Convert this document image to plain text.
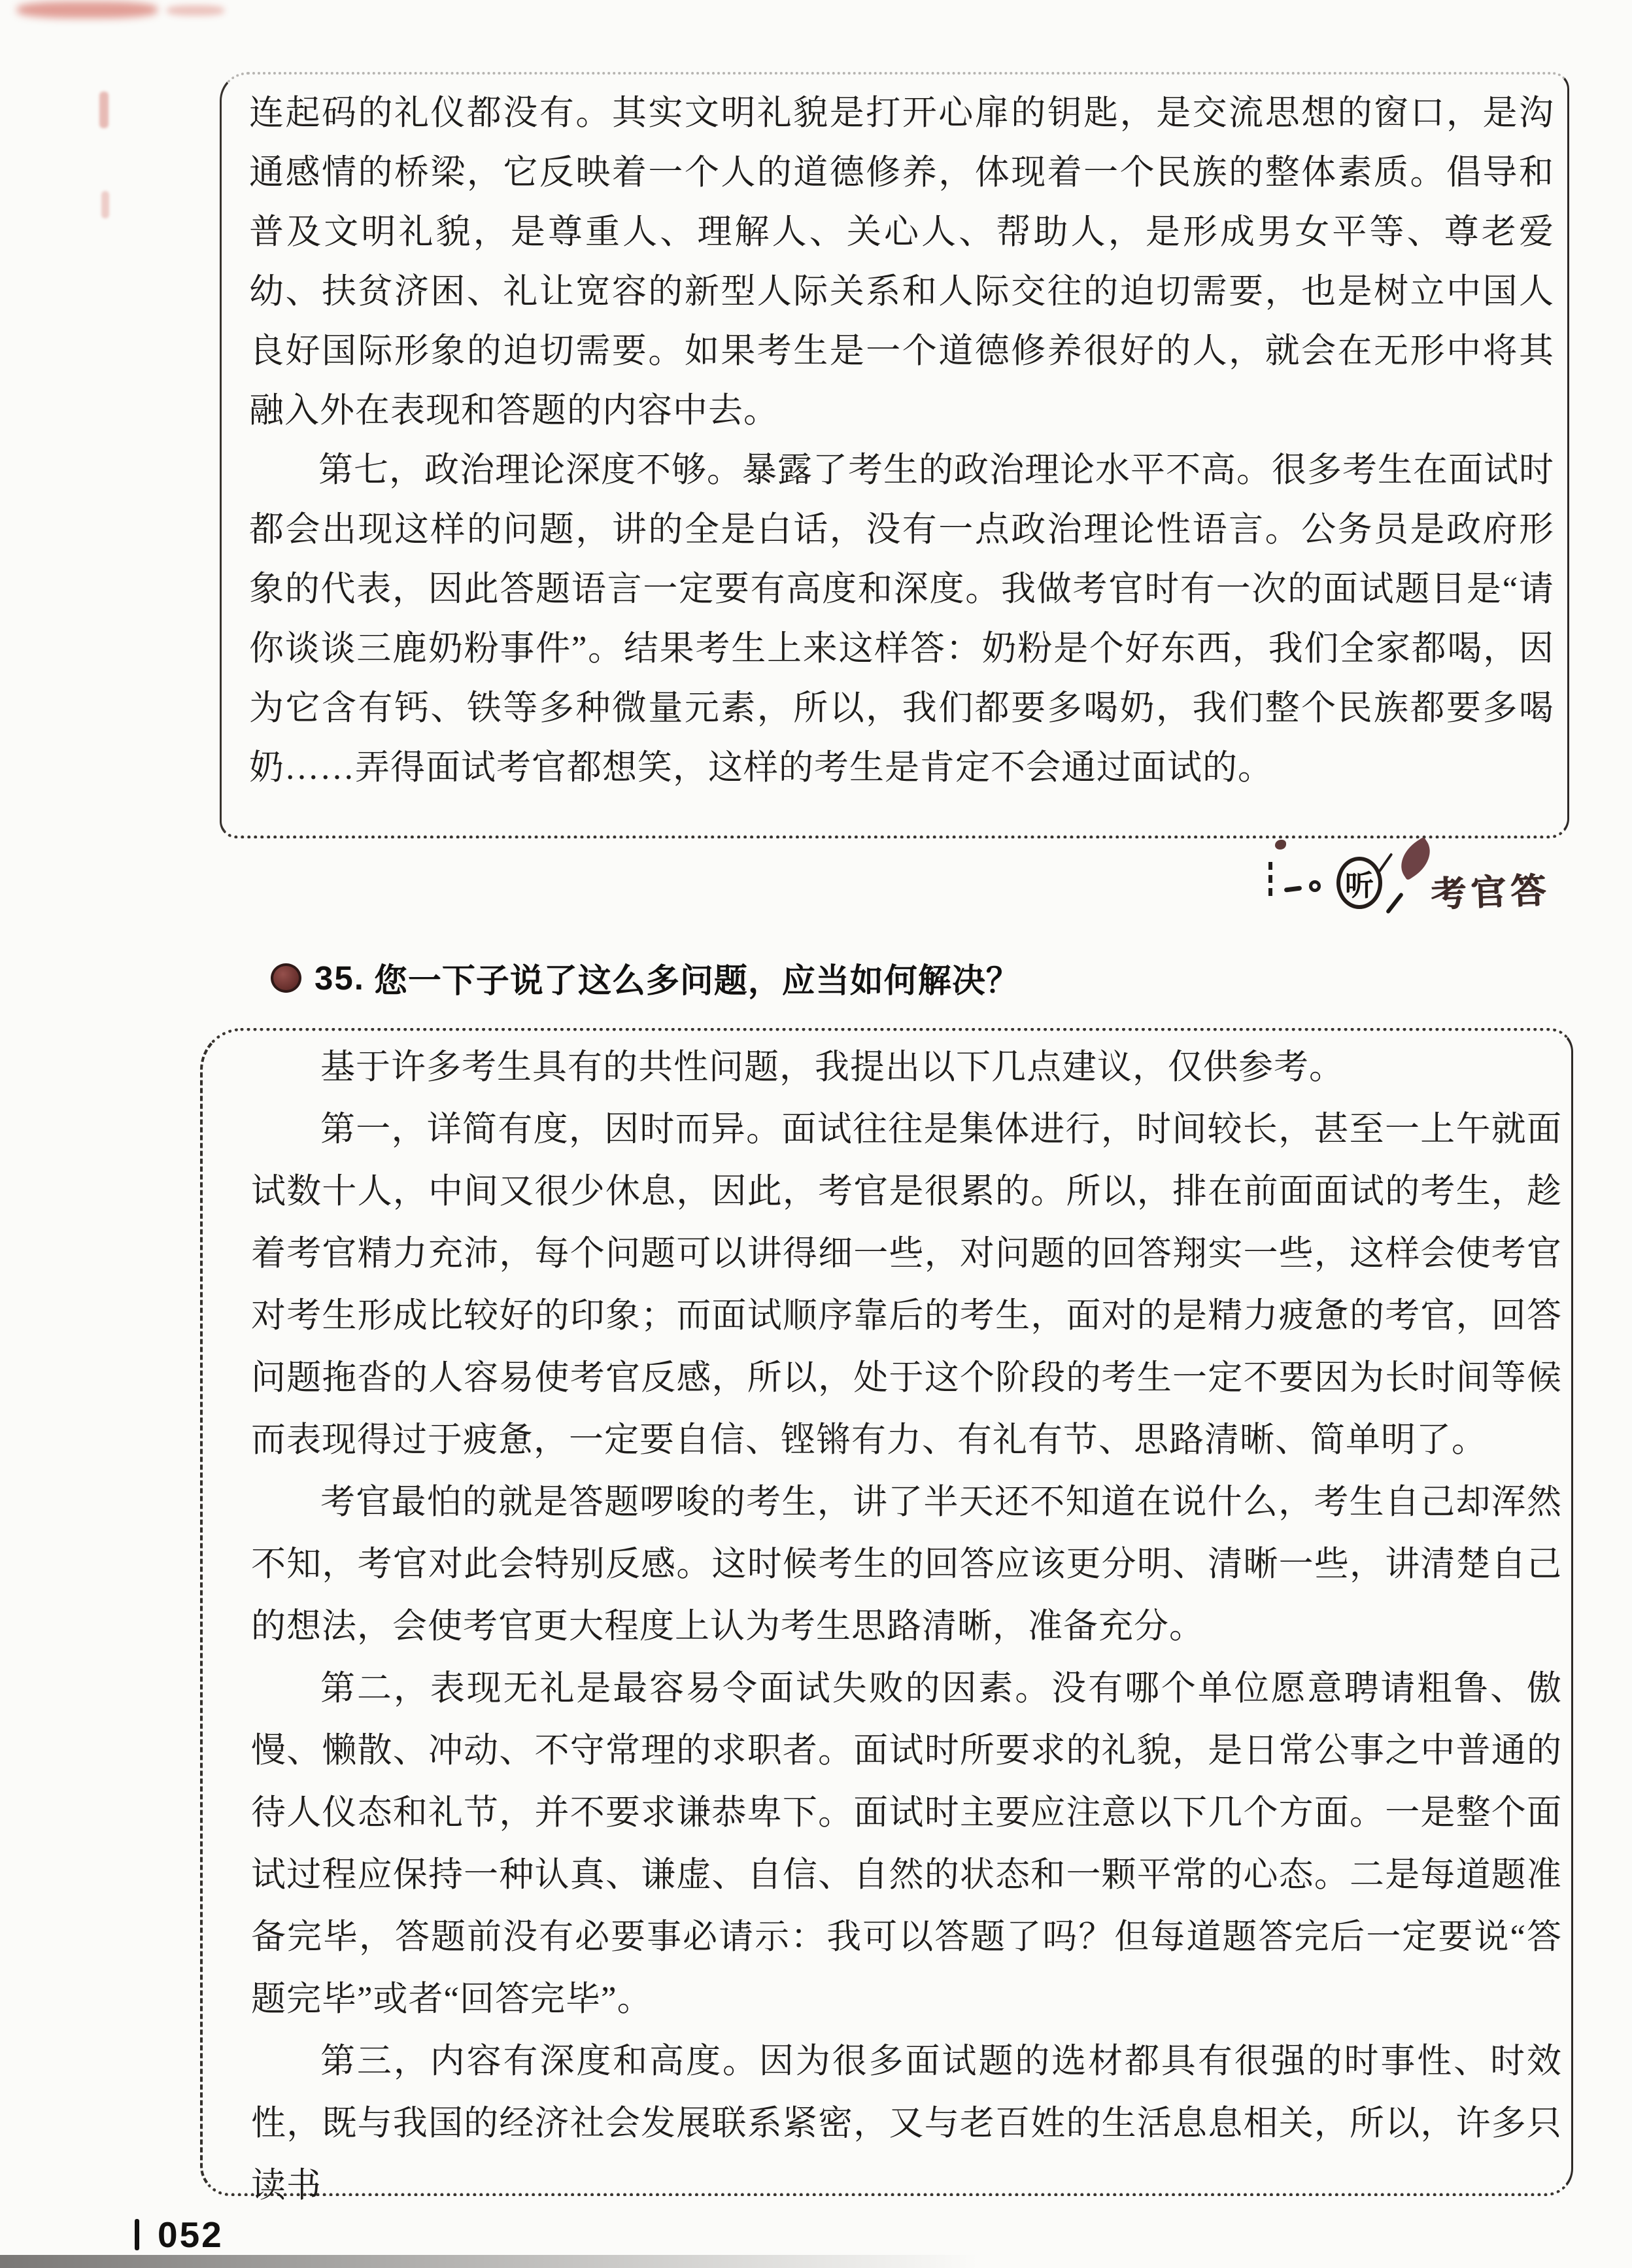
连起码的礼仪都没有。其实文明礼貌是打开心扉的钥匙，是交流思想的窗口，是沟通感情的桥梁，它反映着一个人的道德修养，体现着一个民族的整体素质。倡导和普及文明礼貌，是尊重人、理解人、关心人、帮助人，是形成男女平等、尊老爱幼、扶贫济困、礼让宽容的新型人际关系和人际交往的迫切需要，也是树立中国人良好国际形象的迫切需要。如果考生是一个道德修养很好的人，就会在无形中将其融入外在表现和答题的内容中去。

第七，政治理论深度不够。暴露了考生的政治理论水平不高。很多考生在面试时都会出现这样的问题，讲的全是白话，没有一点政治理论性语言。公务员是政府形象的代表，因此答题语言一定要有高度和深度。我做考官时有一次的面试题目是“请你谈谈三鹿奶粉事件”。结果考生上来这样答：奶粉是个好东西，我们全家都喝，因为它含有钙、铁等多种微量元素，所以，我们都要多喝奶，我们整个民族都要多喝奶……弄得面试考官都想笑，这样的考生是肯定不会通过面试的。

听 考官答
35. 您一下子说了这么多问题，应当如何解决？

基于许多考生具有的共性问题，我提出以下几点建议，仅供参考。

第一，详简有度，因时而异。面试往往是集体进行，时间较长，甚至一上午就面试数十人，中间又很少休息，因此，考官是很累的。所以，排在前面面试的考生，趁着考官精力充沛，每个问题可以讲得细一些，对问题的回答翔实一些，这样会使考官对考生形成比较好的印象；而面试顺序靠后的考生，面对的是精力疲惫的考官，回答问题拖沓的人容易使考官反感，所以，处于这个阶段的考生一定不要因为长时间等候而表现得过于疲惫，一定要自信、铿锵有力、有礼有节、思路清晰、简单明了。

考官最怕的就是答题啰唆的考生，讲了半天还不知道在说什么，考生自己却浑然不知，考官对此会特别反感。这时候考生的回答应该更分明、清晰一些，讲清楚自己的想法，会使考官更大程度上认为考生思路清晰，准备充分。

第二，表现无礼是最容易令面试失败的因素。没有哪个单位愿意聘请粗鲁、傲慢、懒散、冲动、不守常理的求职者。面试时所要求的礼貌，是日常公事之中普通的待人仪态和礼节，并不要求谦恭卑下。面试时主要应注意以下几个方面。一是整个面试过程应保持一种认真、谦虚、自信、自然的状态和一颗平常的心态。二是每道题准备完毕，答题前没有必要事必请示：我可以答题了吗？但每道题答完后一定要说“答题完毕”或者“回答完毕”。

第三，内容有深度和高度。因为很多面试题的选材都具有很强的时事性、时效性，既与我国的经济社会发展联系紧密，又与老百姓的生活息息相关，所以，许多只读书

052
